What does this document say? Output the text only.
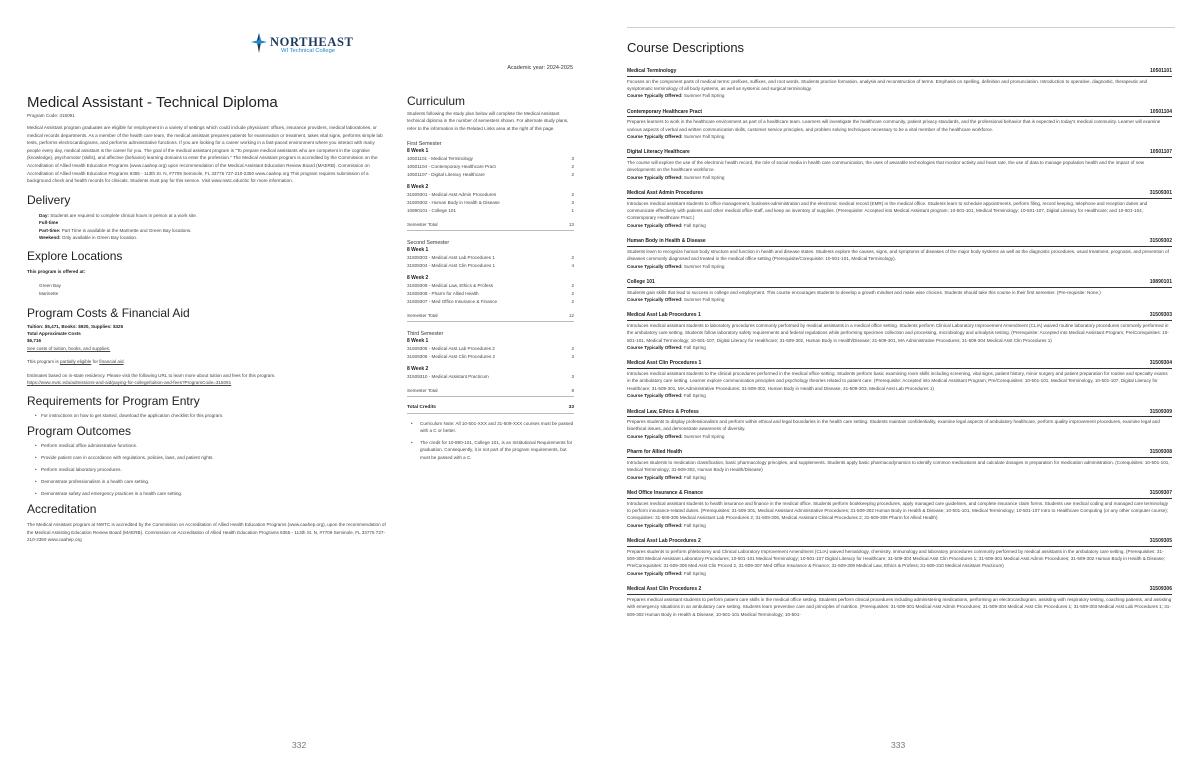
NORTHEAST
WI Technical College
Academic year: 2024-2025
Medical Assistant - Technical Diploma
Program Code: 315091

Medical Assistant program graduates are eligible for employment in a variety of settings which could include physicians' offices, insurance providers, medical laboratories, or medical records departments. As a member of the health care team, the medical assistant prepares patients for examination or treatment, takes vital signs, performs simple lab tests, performs electrocardiograms, and performs administrative functions. If you are looking for a career working in a fast-paced environment where you interact with many people every day, medical assistant is the career for you. The goal of the medical assistant program is "To prepare medical assistants who are competent in the cognitive (knowledge), psychomotor (skills), and affective (behavior) learning domains to enter the profession." The Medical Assistant program is accredited by the Commission on the Accreditation of Allied Health Education Programs (www.caahep.org) upon recommendation of the Medical Assistant Education Review Board (MAERB). Commission on Accreditation of Allied Health Education Programs 9355 - 113th St. N, #7709 Seminole, FL 33775 727-210-2350 www.caahep.org This program requires submission of a background check and health records for clinicals. Students must pay for this service. Visit www.nwtc.edu/cbc for more information.

Delivery
Day: Students are required to complete clinical hours in person at a work site.
Full-time
Part-time: Part Time is available at the Marinette and Green Bay locations.
Weekend: Only available in Green Bay location.
Explore Locations
This program is offered at:
Green Bay
Marinette
Program Costs & Financial Aid
Tuition: $5,471, Books: $920, Supplies: $325
Total Approximate Costs
$6,716
See costs of tuition, books, and supplies.
This program is partially eligible for financial aid.
Estimates based on in-state residency. Please visit the following URL to learn more about tuition and fees for this program.
https://www.nwtc.edu/admissions-and-aid/paying-for-college/tuition-and-fees?ProgramCode=315091
Requirements for Program Entry
• For instructions on how to get started, download the application checklist for this program.
Program Outcomes
• Perform medical office administrative functions.
• Provide patient care in accordance with regulations, policies, laws, and patient rights.
• Perform medical laboratory procedures.
• Demonstrate professionalism in a health care setting.
• Demonstrate safety and emergency practices in a health care setting.
Accreditation

The Medical Assistant program at NWTC is accredited by the Commission on Accreditation of Allied Health Education Programs (www.caahep.org), upon the recommendation of the Medical Assisting Education Review Board (MAERB). Commission on Accreditation of Allied Health Education Programs 9355 - 113th St. N, #7709 Seminole, FL 33775 727-210-2350 www.caahep.org

Curriculum

Students following the study plan below will complete the Medical Assistant technical diploma in the number of semesters shown. For alternate study plans, refer to the information in the Related Links area at the right of this page.

First Semester
8 Week 1
10501101 - Medical Terminology	3
10501104 - Contemporary Healthcare Pract	2
10501107 - Digital Literacy Healthcare	2
8 Week 2
31509301 - Medical Asst Admin Procedures	2
31509302 - Human Body in Health & Disease	3
10890101 - College 101	1
Semester Total	13
Second Semester
8 Week 1
31509303 - Medical Asst Lab Procedures 1	2
31509304 - Medical Asst Clin Procedures 1	4
8 Week 2
31509309 - Medical Law, Ethics & Profess	2
31509308 - Pharm for Allied Health	2
31509307 - Med Office Insurance & Finance	2
Semester Total	12
Third Semester
8 Week 1
31509305 - Medical Asst Lab Procedures 2	2
31509306 - Medical Asst Clin Procedures 2	3
8 Week 2
31509310 - Medical Assistant Practicum	3
Semester Total	8
Total Credits	33
• Curriculum Note: All 10-501-XXX and 31-509-XXX courses must be passed with a C or better.
• The credit for 10-890-101, College 101, is an Institutional Requirements for graduation. Consequently, it is not part of the program requirements, but must be passed with a C.
332
Course Descriptions
Medical Terminology	10501101
Focuses on the component parts of medical terms: prefixes, suffixes, and root words. Students practice formation, analysis and reconstruction of terms. Emphasis on spelling, definition and pronunciation. Introduction to operative, diagnostic, therapeutic and symptomatic terminology of all body systems, as well as systemic and surgical terminology.
Course Typically Offered: Summer Fall Spring
Contemporary Healthcare Pract	10501104
Prepares learners to work in the healthcare environment as part of a healthcare team. Learners will investigate the healthcare community, patient privacy standards, and the professional behavior that is expected in today's medical community. Learner will examine various aspects of verbal and written communication skills, customer service principles, and problem solving techniques necessary to be a vital member of the healthcare workforce.
Course Typically Offered: Summer Fall Spring
Digital Literacy Healthcare	10501107
The course will explore the use of the electronic health record, the role of social media in health care communication, the uses of wearable technologies that monitor activity and heart rate, the use of data to manage population health and the impact of new developments on the healthcare workforce.
Course Typically Offered: Summer Fall Spring
Medical Asst Admin Procedures	31509301
Introduces medical assistant students to office management, business-administration and the electronic medical record (EMR) in the medical office. Students learn to schedule appointments, perform filing, record keeping, telephone and reception duties and communicate effectively with patients and other medical office staff, and keep an inventory of supplies. (Prerequisite: Accepted into Medical Assistant program; 10-501-101, Medical Terminology; 10-501-107, Digital Literacy for Healthcare; and 10-501-104, Contemporary Healthcare Pract.)
Course Typically Offered: Fall Spring
Human Body in Health & Disease	31509302
Students learn to recognize human body structure and function in health and disease states. Students explore the causes, signs, and symptoms of diseases of the major body systems as well as the diagnostic procedures, usual treatment, prognosis, and prevention of diseases commonly diagnosed and treated in the medical office setting (Prerequisite/Corequisite: 10-501-101, Medical Terminology).
Course Typically Offered: Summer Fall Spring
College 101	10890101
Students gain skills that lead to success in college and employment. This course encourages students to develop a growth mindset and make wise choices. Students should take this course in their first semester. (Pre-requisite: None.)
Course Typically Offered: Summer Fall Spring
Medical Asst Lab Procedures 1	31509303
Introduces medical assistant students to laboratory procedures commonly performed by medical assistants in a medical office setting. Students perform Clinical Laboratory Improvement Amendment (CLIA) waived routine laboratory procedures commonly performed in the ambulatory care setting. Students follow laboratory safety requirements and federal regulations while performing specimen collection and processing, microbiology and urinalysis testing. (Prerequisite: Accepted into Medical Assistant Program; Pre/Corequisites: 10-501-101, Medical Terminology; 10-501-107, Digital Literacy for Healthcare; 31-509-302, Human Body in Health/Disease; 31-509-301, MA Administrative Procedures; 31-509-304 Medical Asst Clin Procedures 1)
Course Typically Offered: Fall Spring
Medical Asst Clin Procedures 1	31509304
Introduces medical assistant students to the clinical procedures performed in the medical office setting. Students perform basic examining room skills including screening, vital signs, patient history, minor surgery and patient preparation for routine and specialty exams in the ambulatory care setting. Learner explore communication principles and psychology theories related to patient care. (Prerequisite: Accepted into Medical Assistant Program; Pre/Corequisites: 10-501-101, Medical Terminology, 10-501-107, Digital Literacy for Healthcare; 31-509-301, MA Administrative Procedures; 31-509-302, Human Body in Health and Disease, 31-509-303, Medical Asst Lab Procedures 1)
Course Typically Offered: Fall Spring
Medical Law, Ethics & Profess	31509309
Prepares students to display professionalism and perform within ethical and legal boundaries in the health care setting. Students maintain confidentiality, examine legal aspects of ambulatory healthcare, perform quality improvement procedures, examine legal and bioethical issues, and demonstrate awareness of diversity.
Course Typically Offered: Summer Fall Spring
Pharm for Allied Health	31509308
Introduces students to medication classification, basic pharmacology principles, and supplements. Students apply basic pharmacodynamics to identify common medications and calculate dosages in preparation for medication administration. (Corequisites: 10-501-101, Medical Terminology; 31-509-302, Human Body in Health/Disease)
Course Typically Offered: Fall Spring
Med Office Insurance & Finance	31509307
Introduces medical assistant students to health insurance and finance in the medical office. Students perform bookkeeping procedures, apply managed care guidelines, and complete insurance claim forms. Students use medical coding and managed care terminology to perform insurance-related duties. (Prerequisites: 31-509-301, Medical Assistant Administrative Procedures; 31-509-302 Human Body in Health & Disease; 10-501-101, Medical Terminology; 10-501-107 Intro to Healthcare Computing (or any other computer course); Corequisites: 31-509-305 Medical Assistant Lab Procedures 2; 31-509-306, Medical Assistant Clinical Procedures 2; 31-509-308 Pharm for Allied Health)
Course Typically Offered: Fall Spring
Medical Asst Lab Procedures 2	31509305
Prepares students to perform phlebotomy and Clinical Laboratory Improvement Amendment (CLIA) waived hematology, chemistry, immunology and laboratory procedures commonly performed by medical assistants in the ambulatory care setting. (Prerequisites: 31-509-303 Medical Assistant Laboratory Procedures; 10-501-101 Medical Terminology; 10-501-107 Digital Literacy for Healthcare; 31-509-304 Medical Asst Clin Procedures 1; 31-509-301 Medical Asst Admin Procedures; 31-509-302 Human Body in Health & Disease; Pre/Corequisites: 31-509-306 Med Asst Clin Proced 2, 31-509-307 Med Office Insurance & Finance; 31-509-309 Medical Law, Ethics & Profess; 31-509-310 Medical Assistant Practicum)
Course Typically Offered: Fall Spring
Medical Asst Clin Procedures 2	31509306
Prepares medical assistant students to perform patient care skills in the medical office setting. Students perform clinical procedures including administering medications, performing an electrocardiogram, assisting with respiratory testing, coaching patients, and assisting with emergency situations in an ambulatory care setting. Students learn preventive care and principles of nutrition. (Prerequisites: 31-509-301 Medical Asst Admin Procedures; 31-509-304 Medical Asst Clin Procedures 1; 31-509-303 Medical Asst Lab Procedures 1; 31-509-302 Human Body in Health & Disease; 10-501-101 Medical Terminology; 10-501-
333
